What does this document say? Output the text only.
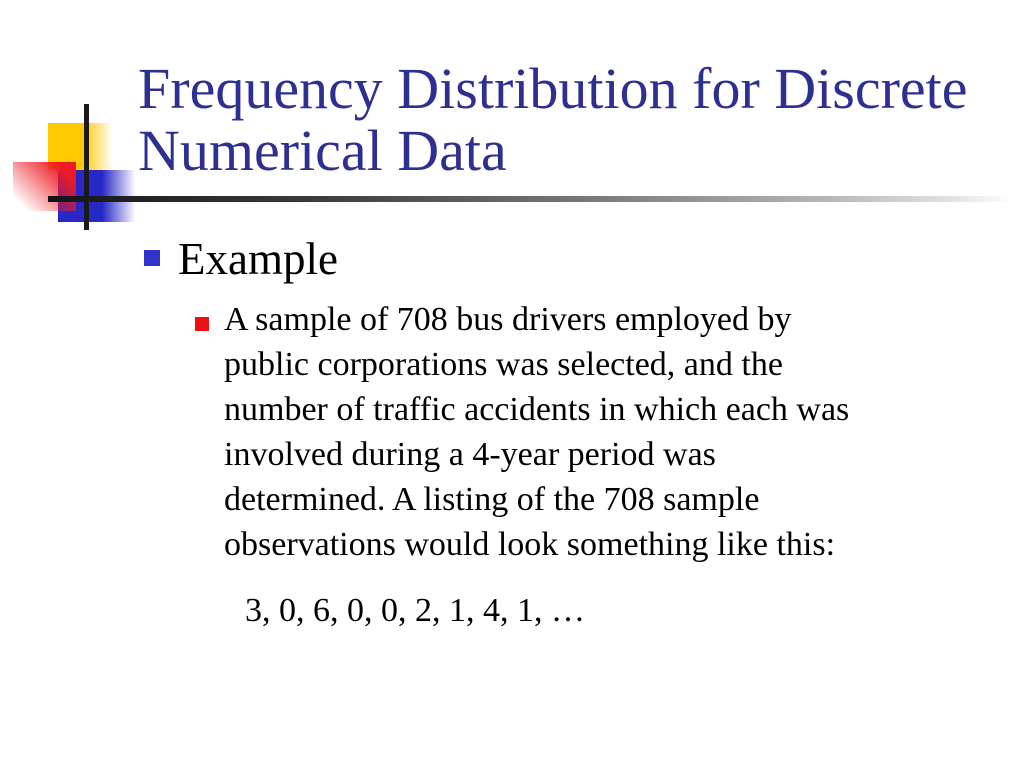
Frequency Distribution for Discrete
Numerical Data
Example
A sample of 708 bus drivers employed by
public corporations was selected, and the
number of traffic accidents in which each was
involved during a 4-year period was
determined. A listing of the 708 sample
observations would look something like this:
3, 0, 6, 0, 0, 2, 1, 4, 1, …
